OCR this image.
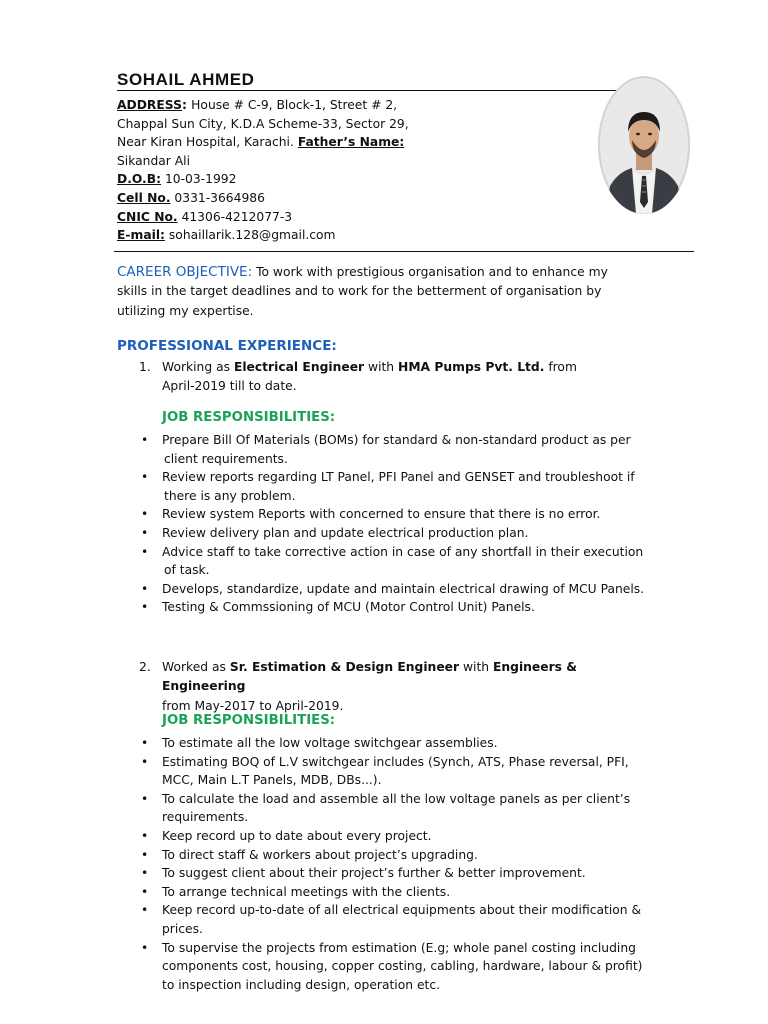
SOHAIL AHMED
ADDRESS: House # C-9, Block-1, Street # 2,
Chappal Sun City, K.D.A Scheme-33, Sector 29,
Near Kiran Hospital, Karachi. Father’s Name:
Sikandar Ali
D.O.B: 10-03-1992
Cell No. 0331-3664986
CNIC No. 41306-4212077-3
E-mail: sohaillarik.128@gmail.com
CAREER OBJECTIVE: To work with prestigious organisation and to enhance my
skills in the target deadlines and to work for the betterment of organisation by
utilizing my expertise.
PROFESSIONAL EXPERIENCE:
1. Working as Electrical Engineer with HMA Pumps Pvt. Ltd. from
April-2019 till to date.
JOB RESPONSIBILITIES:
• Prepare Bill Of Materials (BOMs) for standard & non-standard product as per
client requirements.
• Review reports regarding LT Panel, PFI Panel and GENSET and troubleshoot if
there is any problem.
• Review system Reports with concerned to ensure that there is no error.
• Review delivery plan and update electrical production plan.
• Advice staff to take corrective action in case of any shortfall in their execution
of task.
• Develops, standardize, update and maintain electrical drawing of MCU Panels.
• Testing & Commssioning of MCU (Motor Control Unit) Panels.
2. Worked as Sr. Estimation & Design Engineer with Engineers & Engineering
from May-2017 to April-2019.
JOB RESPONSIBILITIES:
• To estimate all the low voltage switchgear assemblies.
• Estimating BOQ of L.V switchgear includes (Synch, ATS, Phase reversal, PFI,
MCC, Main L.T Panels, MDB, DBs...).
• To calculate the load and assemble all the low voltage panels as per client’s
requirements.
• Keep record up to date about every project.
• To direct staff & workers about project’s upgrading.
• To suggest client about their project’s further & better improvement.
• To arrange technical meetings with the clients.
• Keep record up-to-date of all electrical equipments about their modification &
prices.
• To supervise the projects from estimation (E.g; whole panel costing including
components cost, housing, copper costing, cabling, hardware, labour & profit)
to inspection including design, operation etc.
